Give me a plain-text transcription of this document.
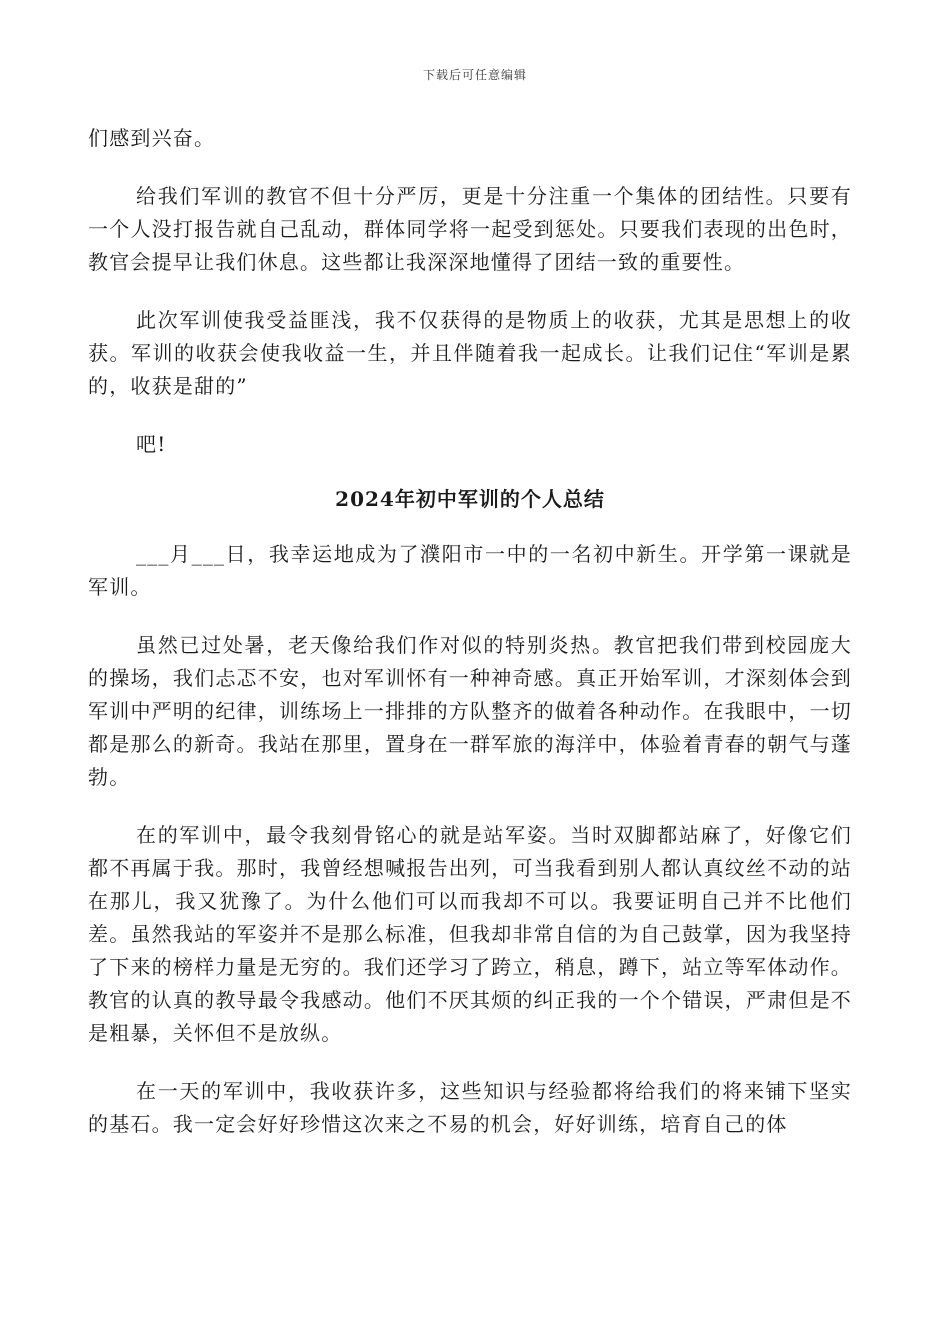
下载后可任意编辑

们感到兴奋。

给我们军训的教官不但十分严厉，更是十分注重一个集体的团结性。只要有一个人没打报告就自己乱动，群体同学将一起受到惩处。只要我们表现的出色时，教官会提早让我们休息。这些都让我深深地懂得了团结一致的重要性。

此次军训使我受益匪浅，我不仅获得的是物质上的收获，尤其是思想上的收获。军训的收获会使我收益一生，并且伴随着我一起成长。让我们记住“军训是累的，收获是甜的”

吧!

2024年初中军训的个人总结

___月___日，我幸运地成为了濮阳市一中的一名初中新生。开学第一课就是军训。

虽然已过处暑，老天像给我们作对似的特别炎热。教官把我们带到校园庞大的操场，我们忐忑不安，也对军训怀有一种神奇感。真正开始军训，才深刻体会到军训中严明的纪律，训练场上一排排的方队整齐的做着各种动作。在我眼中，一切都是那么的新奇。我站在那里，置身在一群军旅的海洋中，体验着青春的朝气与蓬勃。

在的军训中，最令我刻骨铭心的就是站军姿。当时双脚都站麻了，好像它们都不再属于我。那时，我曾经想喊报告出列，可当我看到别人都认真纹丝不动的站在那儿，我又犹豫了。为什么他们可以而我却不可以。我要证明自己并不比他们差。虽然我站的军姿并不是那么标准，但我却非常自信的为自己鼓掌，因为我坚持了下来的榜样力量是无穷的。我们还学习了跨立，稍息，蹲下，站立等军体动作。教官的认真的教导最令我感动。他们不厌其烦的纠正我的一个个错误，严肃但是不是粗暴，关怀但不是放纵。

在一天的军训中，我收获许多，这些知识与经验都将给我们的将来铺下坚实的基石。我一定会好好珍惜这次来之不易的机会，好好训练，培育自己的体
